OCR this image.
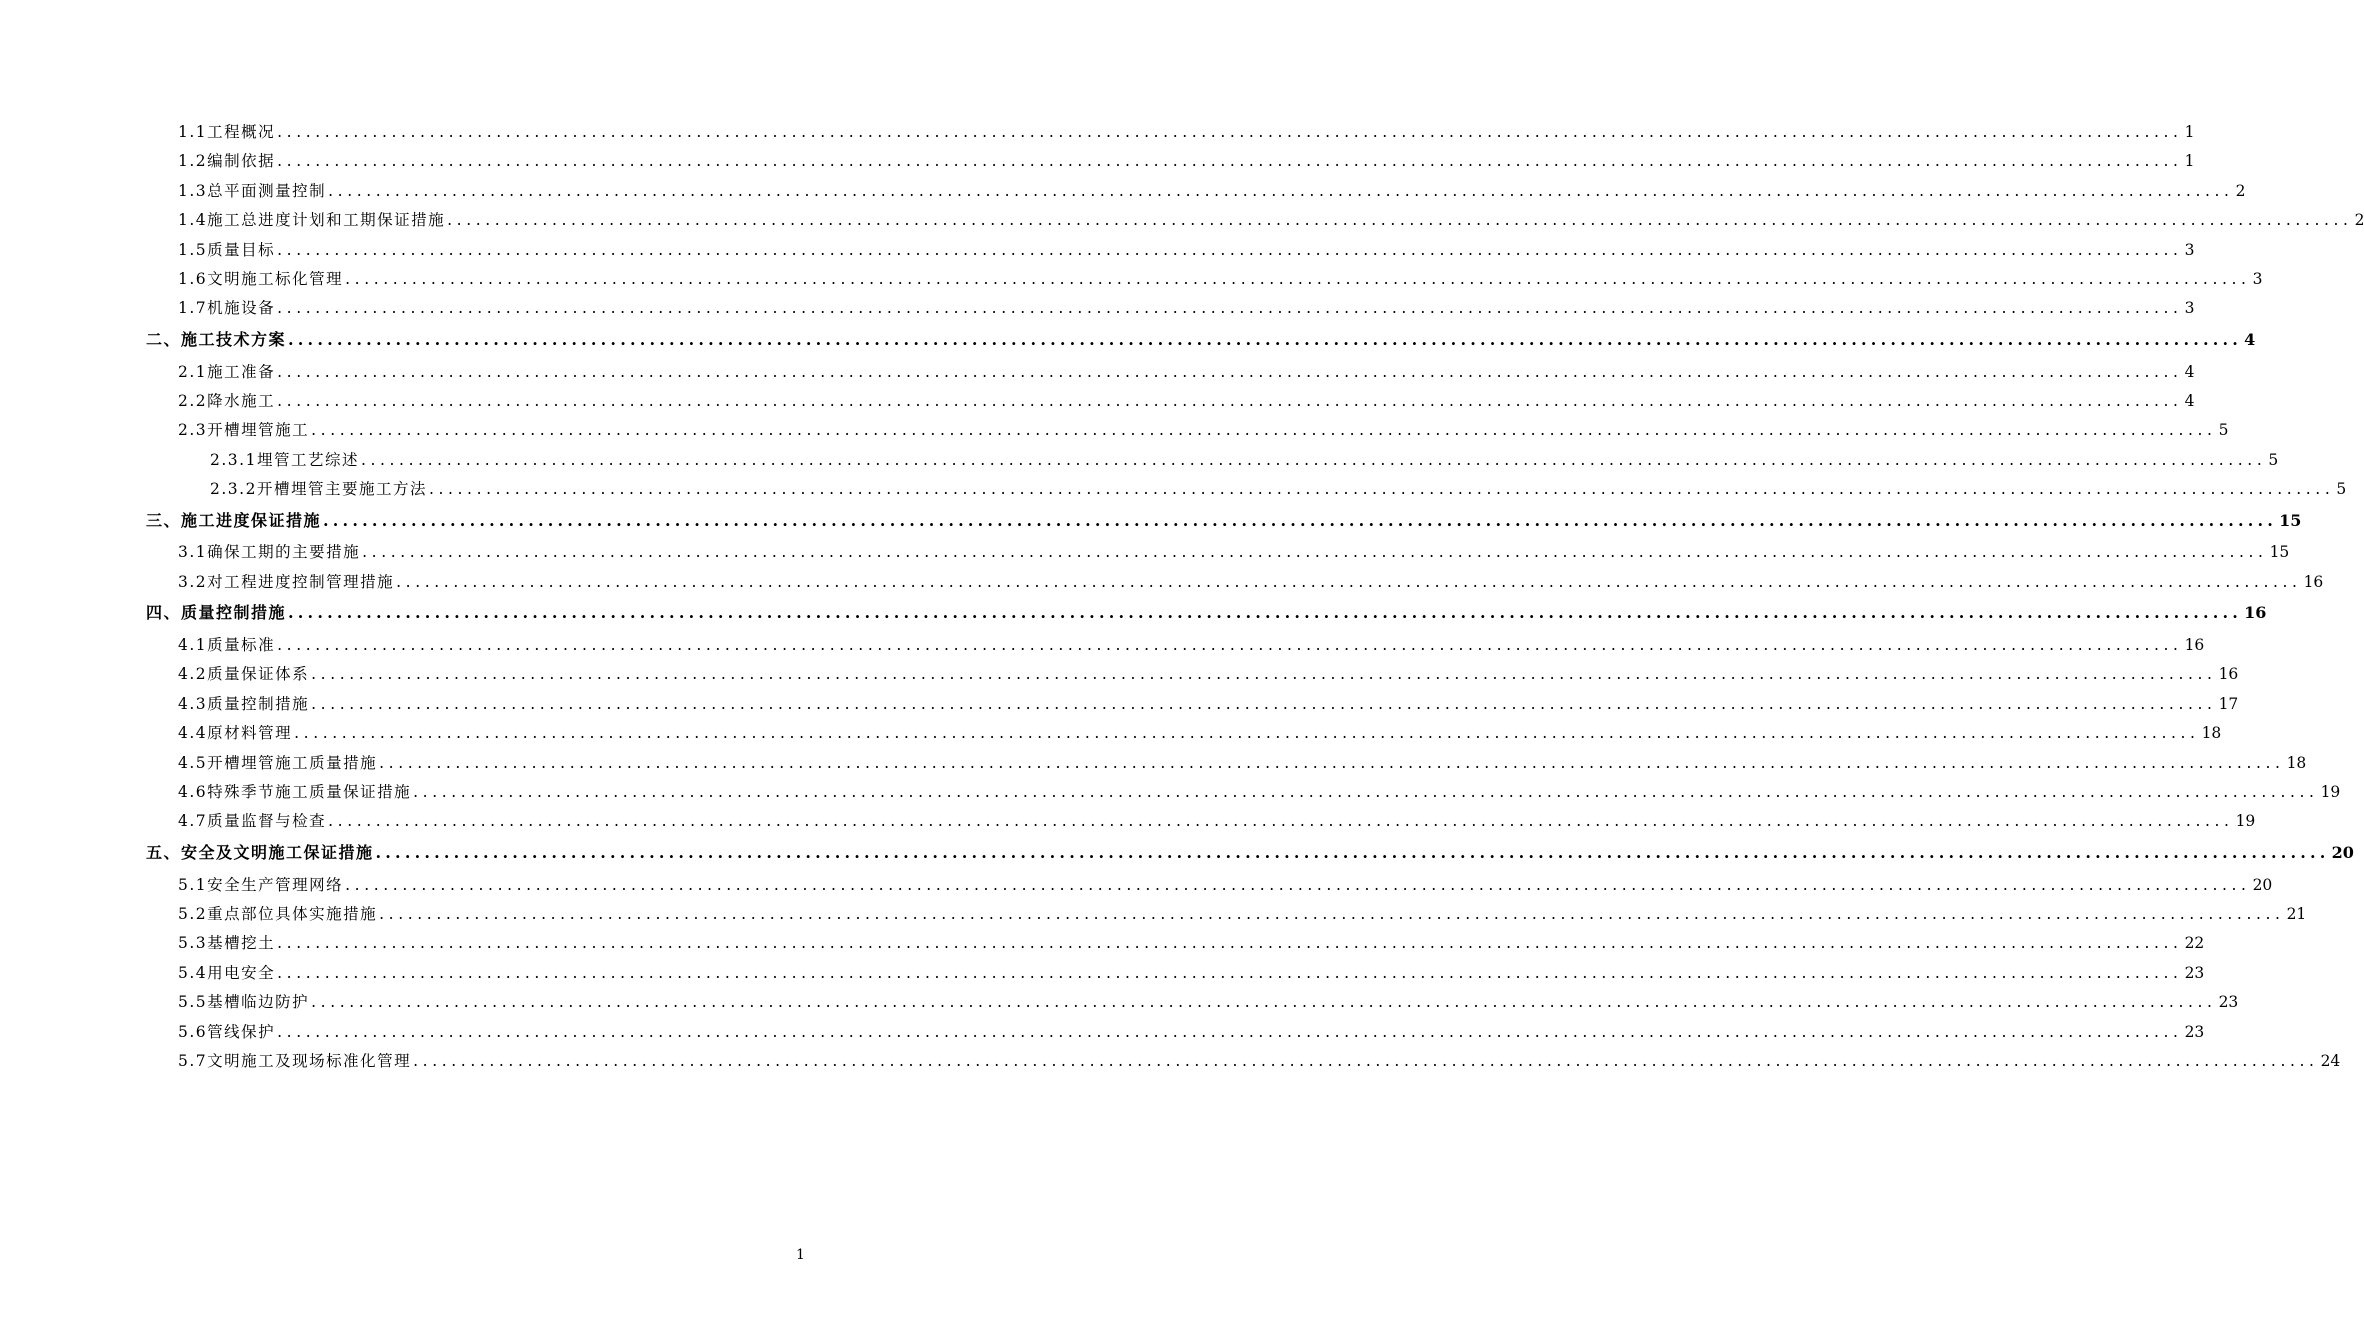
1.1工程概况 ........................................................................................................................................................................................................ 1
1.2编制依据 ........................................................................................................................................................................................................ 1
1.3总平面测量控制 ........................................................................................................................................................................................................ 2
1.4施工总进度计划和工期保证措施 ........................................................................................................................................................................................................ 2
1.5质量目标 ........................................................................................................................................................................................................ 3
1.6文明施工标化管理 ........................................................................................................................................................................................................ 3
1.7机施设备 ........................................................................................................................................................................................................ 3
二、施工技术方案 ........................................................................................................................................................................................................ 4
2.1施工准备 ........................................................................................................................................................................................................ 4
2.2降水施工 ........................................................................................................................................................................................................ 4
2.3开槽埋管施工 ........................................................................................................................................................................................................ 5
2.3.1埋管工艺综述 ........................................................................................................................................................................................................ 5
2.3.2开槽埋管主要施工方法 ........................................................................................................................................................................................................ 5
三、施工进度保证措施 ........................................................................................................................................................................................................ 15
3.1确保工期的主要措施 ........................................................................................................................................................................................................ 15
3.2对工程进度控制管理措施 ........................................................................................................................................................................................................ 16
四、质量控制措施 ........................................................................................................................................................................................................ 16
4.1质量标准 ........................................................................................................................................................................................................ 16
4.2质量保证体系 ........................................................................................................................................................................................................ 16
4.3质量控制措施 ........................................................................................................................................................................................................ 17
4.4原材料管理 ........................................................................................................................................................................................................ 18
4.5开槽埋管施工质量措施 ........................................................................................................................................................................................................ 18
4.6特殊季节施工质量保证措施 ........................................................................................................................................................................................................ 19
4.7质量监督与检查 ........................................................................................................................................................................................................ 19
五、安全及文明施工保证措施 ........................................................................................................................................................................................................ 20
5.1安全生产管理网络 ........................................................................................................................................................................................................ 20
5.2重点部位具体实施措施 ........................................................................................................................................................................................................ 21
5.3基槽挖土 ........................................................................................................................................................................................................ 22
5.4用电安全 ........................................................................................................................................................................................................ 23
5.5基槽临边防护 ........................................................................................................................................................................................................ 23
5.6管线保护 ........................................................................................................................................................................................................ 23
5.7文明施工及现场标准化管理 ........................................................................................................................................................................................................ 24
1
